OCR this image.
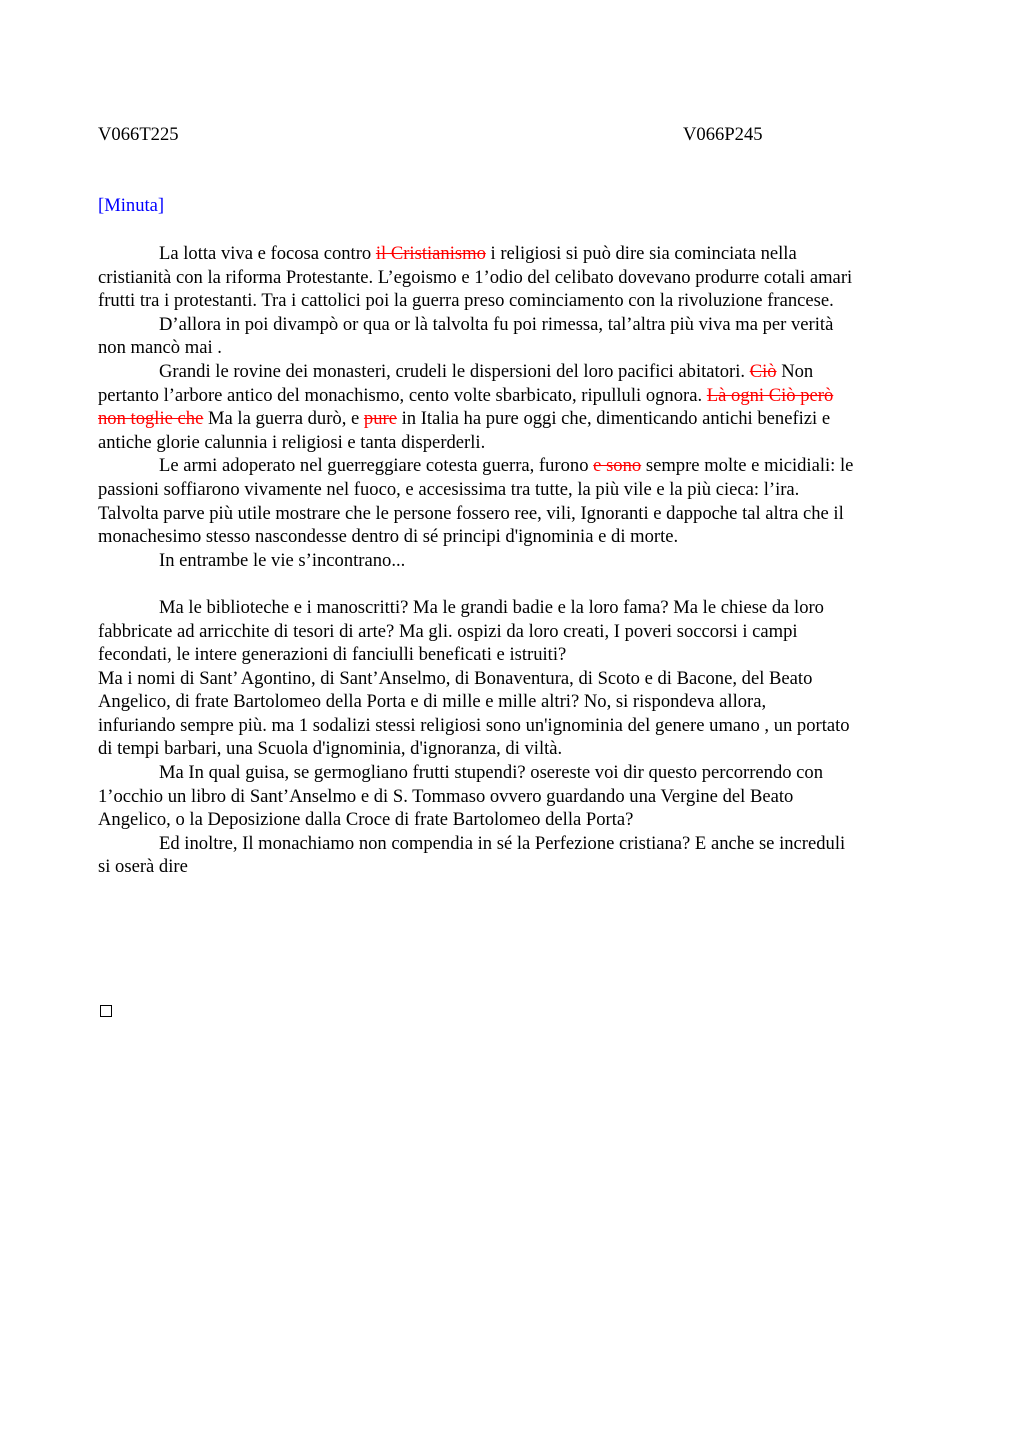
V066T225	V066P245
[Minuta]
La lotta viva e focosa contro il Cristianismo i religiosi si può dire sia cominciata nella cristianità con la riforma Protestante. L’egoismo e 1’odio del celibato dovevano produrre cotali amari frutti tra i protestanti. Tra i cattolici poi la guerra preso cominciamento con la rivoluzione francese.
D’allora in poi divampò or qua or là talvolta fu poi rimessa, tal’altra più viva ma per verità non mancò mai .
Grandi le rovine dei monasteri, crudeli le dispersioni del loro pacifici abitatori. Ciò Non pertanto l’arbore antico del monachismo, cento volte sbarbicato, ripulluli ognora. Là ogni Ciò però non toglie che Ma la guerra durò, e pure in Italia ha pure oggi che, dimenticando antichi benefizi e antiche glorie calunnia i religiosi e tanta disperderli.
Le armi adoperato nel guerreggiare cotesta guerra, furono e sono sempre molte e micidiali: le passioni soffiarono vivamente nel fuoco, e accesissima tra tutte, la più vile e la più cieca: l’ira.
Talvolta parve più utile mostrare che le persone fossero ree, vili, Ignoranti e dappoche tal altra che il monachesimo stesso nascondesse dentro di sé principi d'ignominia e di morte.
In entrambe le vie s’incontrano...
Ma le biblioteche e i manoscritti? Ma le grandi badie e la loro fama? Ma le chiese da loro fabbricate ad arricchite di tesori di arte? Ma gli. ospizi da loro creati, I poveri soccorsi i campi fecondati, le intere generazioni di fanciulli beneficati e istruiti?
Ma i nomi di Sant’ Agontino, di Sant’Anselmo, di Bonaventura, di Scoto e di Bacone, del Beato Angelico, di frate Bartolomeo della Porta e di mille e mille altri? No, si rispondeva allora,
infuriando sempre più. ma 1 sodalizi stessi religiosi sono un'ignominia del genere umano , un portato di tempi barbari, una Scuola d'ignominia, d'ignoranza, di viltà.
Ma In qual guisa, se germogliano frutti stupendi? osereste voi dir questo percorrendo con 1’occhio un libro di Sant’Anselmo e di S. Tommaso ovvero guardando una Vergine del Beato Angelico, o la Deposizione dalla Croce di frate Bartolomeo della Porta?
Ed inoltre, Il monachiamo non compendia in sé la Perfezione cristiana? E anche se increduli si oserà dire
